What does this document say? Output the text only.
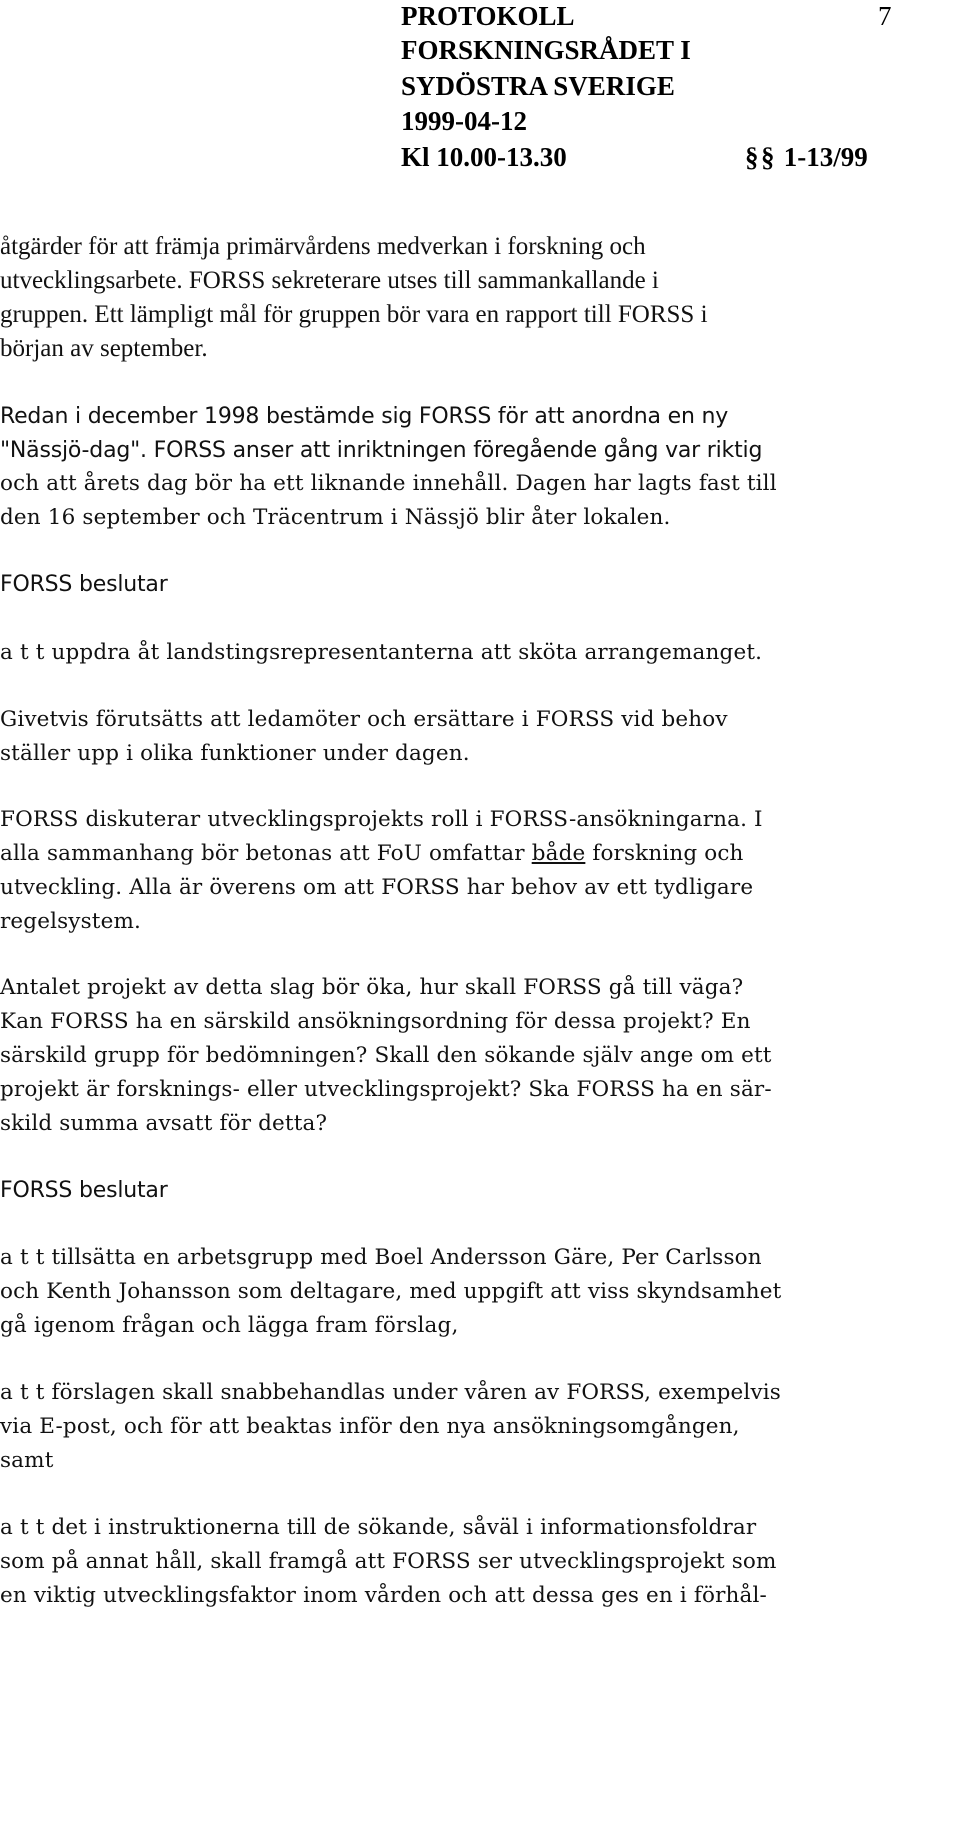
PROTOKOLL	7
FORSKNINGSRÅDET I
SYDÖSTRA SVERIGE
1999-04-12
Kl 10.00-13.30	§§ 1-13/99
åtgärder för att främja primärvårdens medverkan i forskning och
utvecklingsarbete. FORSS sekreterare utses till sammankallande i
gruppen. Ett lämpligt mål för gruppen bör vara en rapport till FORSS i
början av september.
Redan i december 1998 bestämde sig FORSS för att anordna en ny
"Nässjö-dag". FORSS anser att inriktningen föregående gång var riktig
och att årets dag bör ha ett liknande innehåll. Dagen har lagts fast till
den 16 september och Träcentrum i Nässjö blir åter lokalen.
FORSS beslutar
a t t uppdra åt landstingsrepresentanterna att sköta arrangemanget.
Givetvis förutsätts att ledamöter och ersättare i FORSS vid behov
ställer upp i olika funktioner under dagen.
FORSS diskuterar utvecklingsprojekts roll i FORSS-ansökningarna. I
alla sammanhang bör betonas att FoU omfattar både forskning och
utveckling. Alla är överens om att FORSS har behov av ett tydligare
regelsystem.
Antalet projekt av detta slag bör öka, hur skall FORSS gå till väga?
Kan FORSS ha en särskild ansökningsordning för dessa projekt? En
särskild grupp för bedömningen? Skall den sökande själv ange om ett
projekt är forsknings- eller utvecklingsprojekt? Ska FORSS ha en sär-
skild summa avsatt för detta?
FORSS beslutar
a t t tillsätta en arbetsgrupp med Boel Andersson Gäre, Per Carlsson
och Kenth Johansson som deltagare, med uppgift att viss skyndsamhet
gå igenom frågan och lägga fram förslag,
a t t förslagen skall snabbehandlas under våren av FORSS, exempelvis
via E-post, och för att beaktas inför den nya ansökningsomgången,
samt
a t t det i instruktionerna till de sökande, såväl i informationsfoldrar
som på annat håll, skall framgå att FORSS ser utvecklingsprojekt som
en viktig utvecklingsfaktor inom vården och att dessa ges en i förhål-
